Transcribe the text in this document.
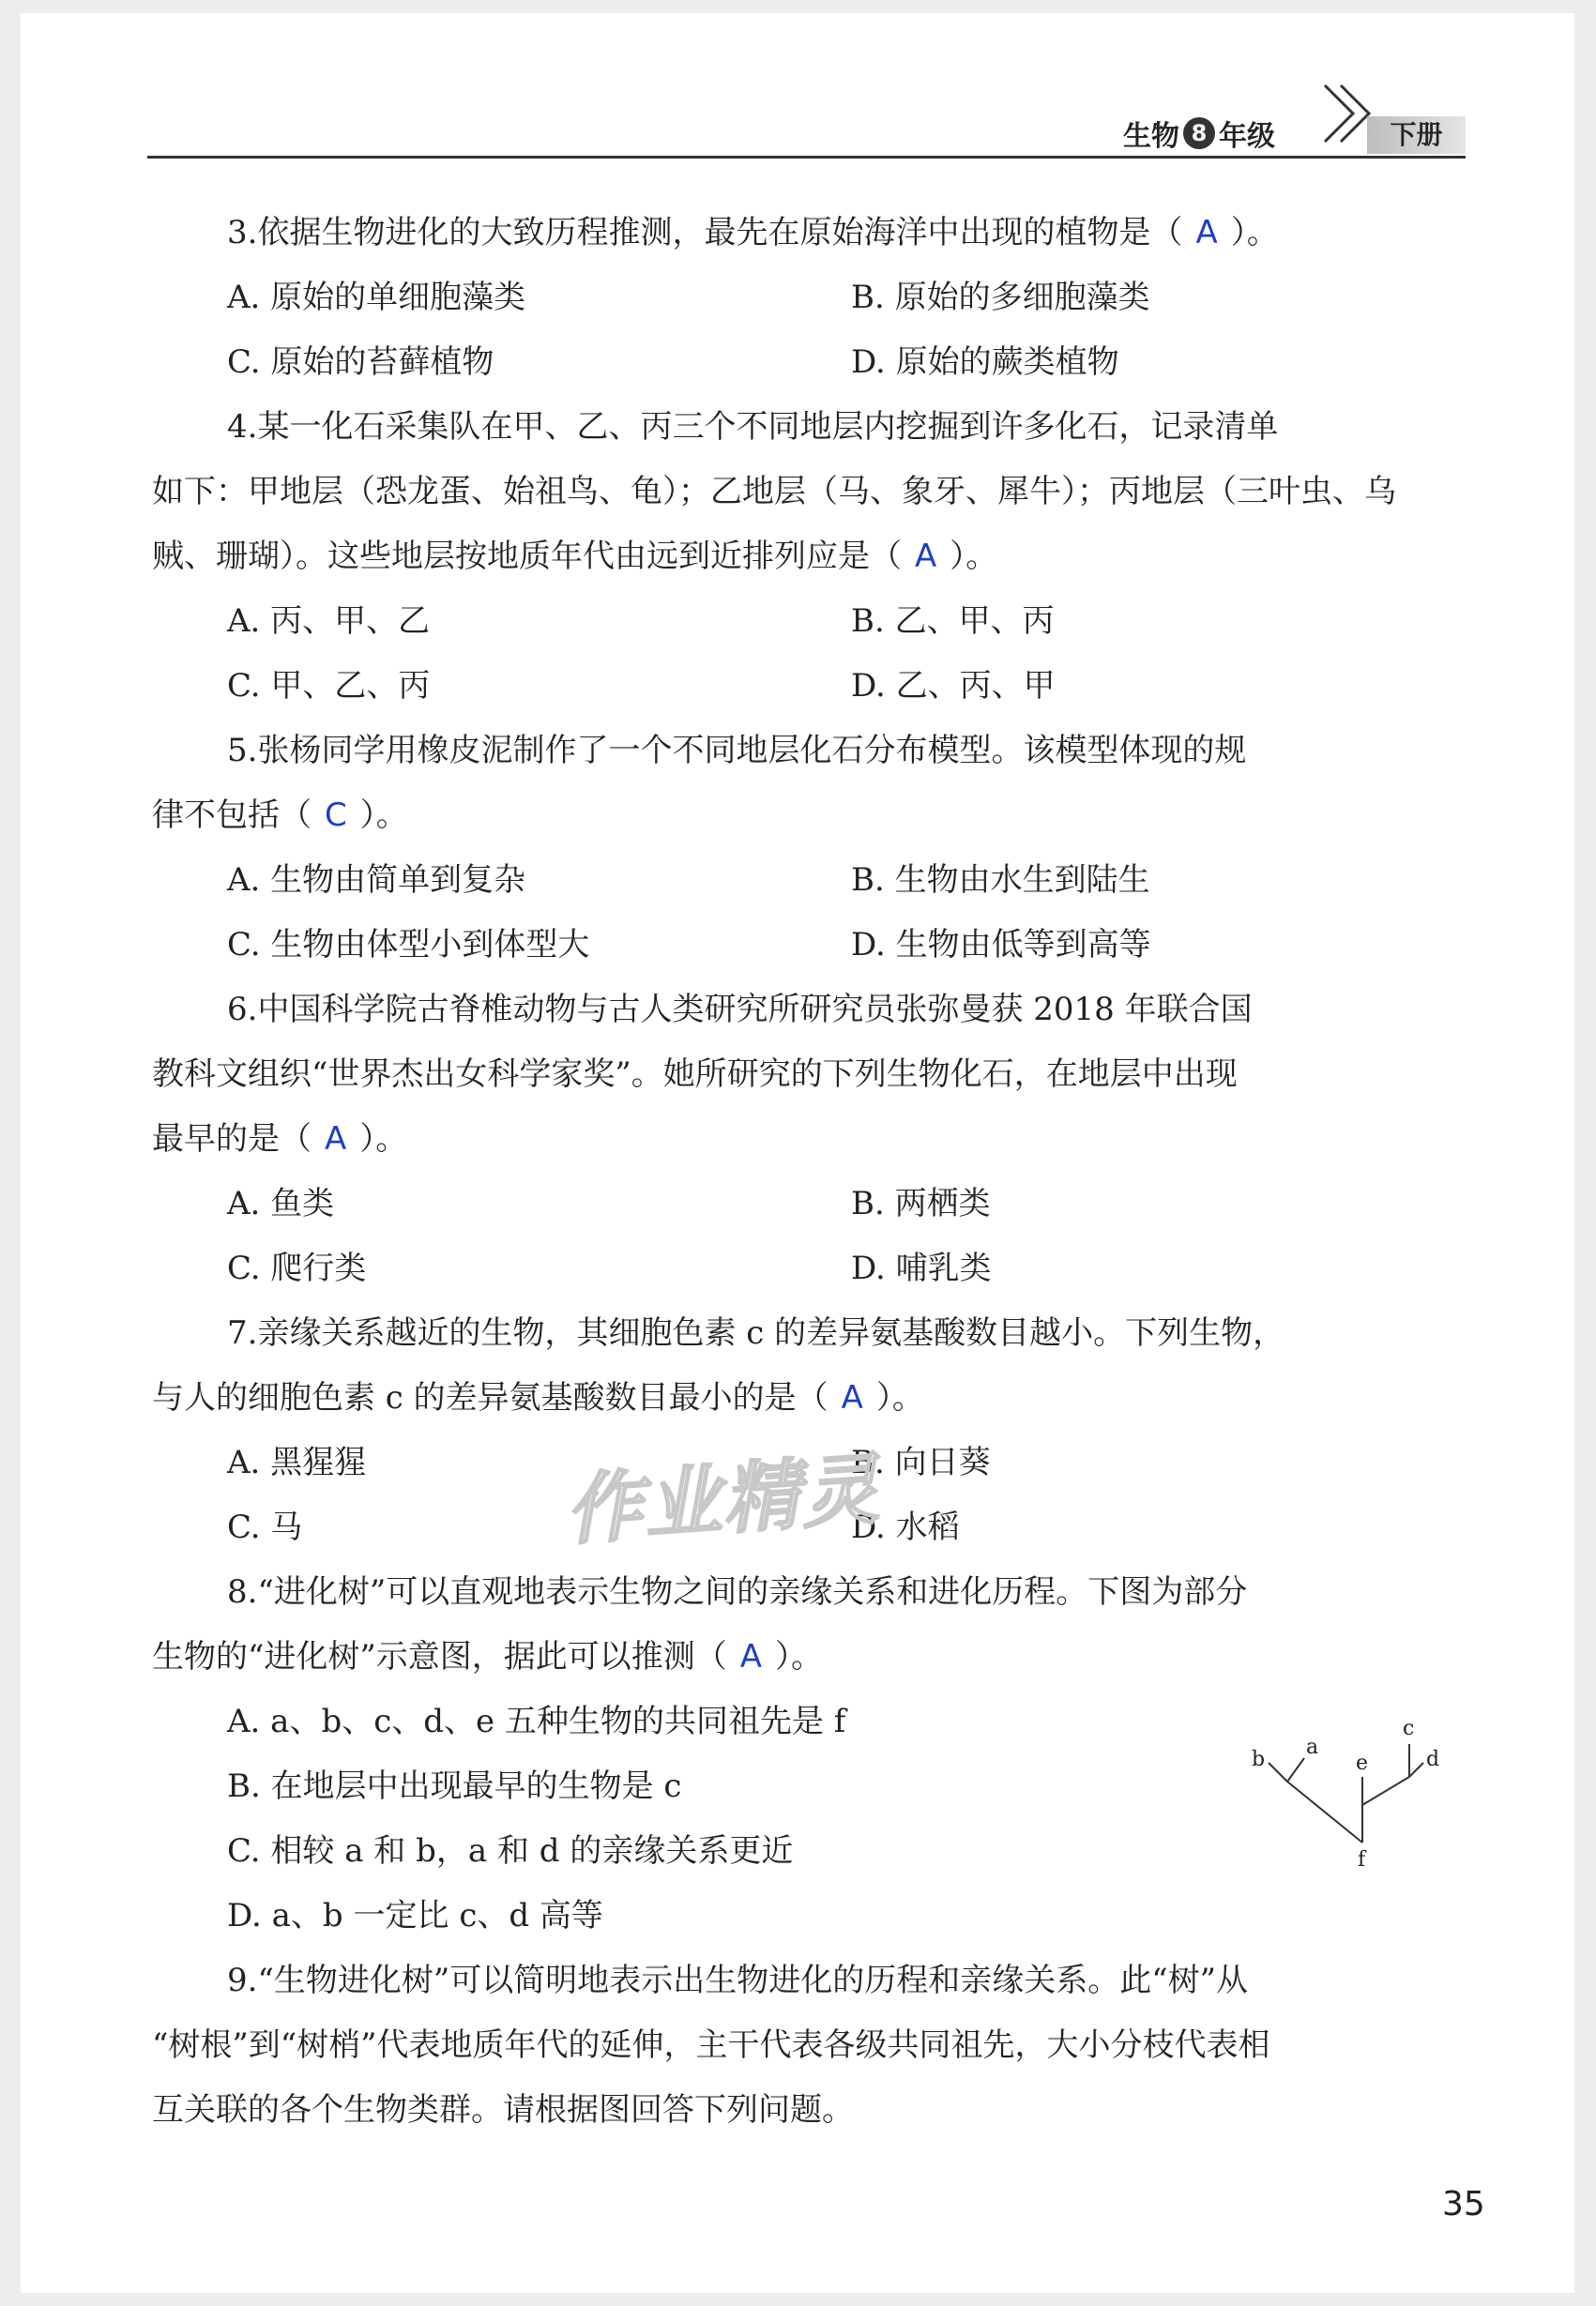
生物 8 年级	下册
3.依据生物进化的大致历程推测，最先在原始海洋中出现的植物是（ A ）。
A. 原始的单细胞藻类	B. 原始的多细胞藻类
C. 原始的苔藓植物	D. 原始的蕨类植物
4.某一化石采集队在甲、乙、丙三个不同地层内挖掘到许多化石，记录清单
如下：甲地层（恐龙蛋、始祖鸟、龟）；乙地层（马、象牙、犀牛）；丙地层（三叶虫、乌
贼、珊瑚）。这些地层按地质年代由远到近排列应是（ A ）。
A. 丙、甲、乙	B. 乙、甲、丙
C. 甲、乙、丙	D. 乙、丙、甲
5.张杨同学用橡皮泥制作了一个不同地层化石分布模型。该模型体现的规
律不包括（ C ）。
A. 生物由简单到复杂	B. 生物由水生到陆生
C. 生物由体型小到体型大	D. 生物由低等到高等
6.中国科学院古脊椎动物与古人类研究所研究员张弥曼获 2018 年联合国
教科文组织“世界杰出女科学家奖”。她所研究的下列生物化石，在地层中出现
最早的是（ A ）。
A. 鱼类	B. 两栖类
C. 爬行类	D. 哺乳类
7.亲缘关系越近的生物，其细胞色素 c 的差异氨基酸数目越小。下列生物，
与人的细胞色素 c 的差异氨基酸数目最小的是（ A ）。
A. 黑猩猩	B. 向日葵
C. 马	D. 水稻
8.“进化树”可以直观地表示生物之间的亲缘关系和进化历程。下图为部分
生物的“进化树”示意图，据此可以推测（ A ）。
A. a、b、c、d、e 五种生物的共同祖先是 f
B. 在地层中出现最早的生物是 c
C. 相较 a 和 b，a 和 d 的亲缘关系更近
D. a、b 一定比 c、d 高等
9.“生物进化树”可以简明地表示出生物进化的历程和亲缘关系。此“树”从
“树根”到“树梢”代表地质年代的延伸，主干代表各级共同祖先，大小分枝代表相
互关联的各个生物类群。请根据图回答下列问题。
a
b
c
d
e
f
作业精灵
35
